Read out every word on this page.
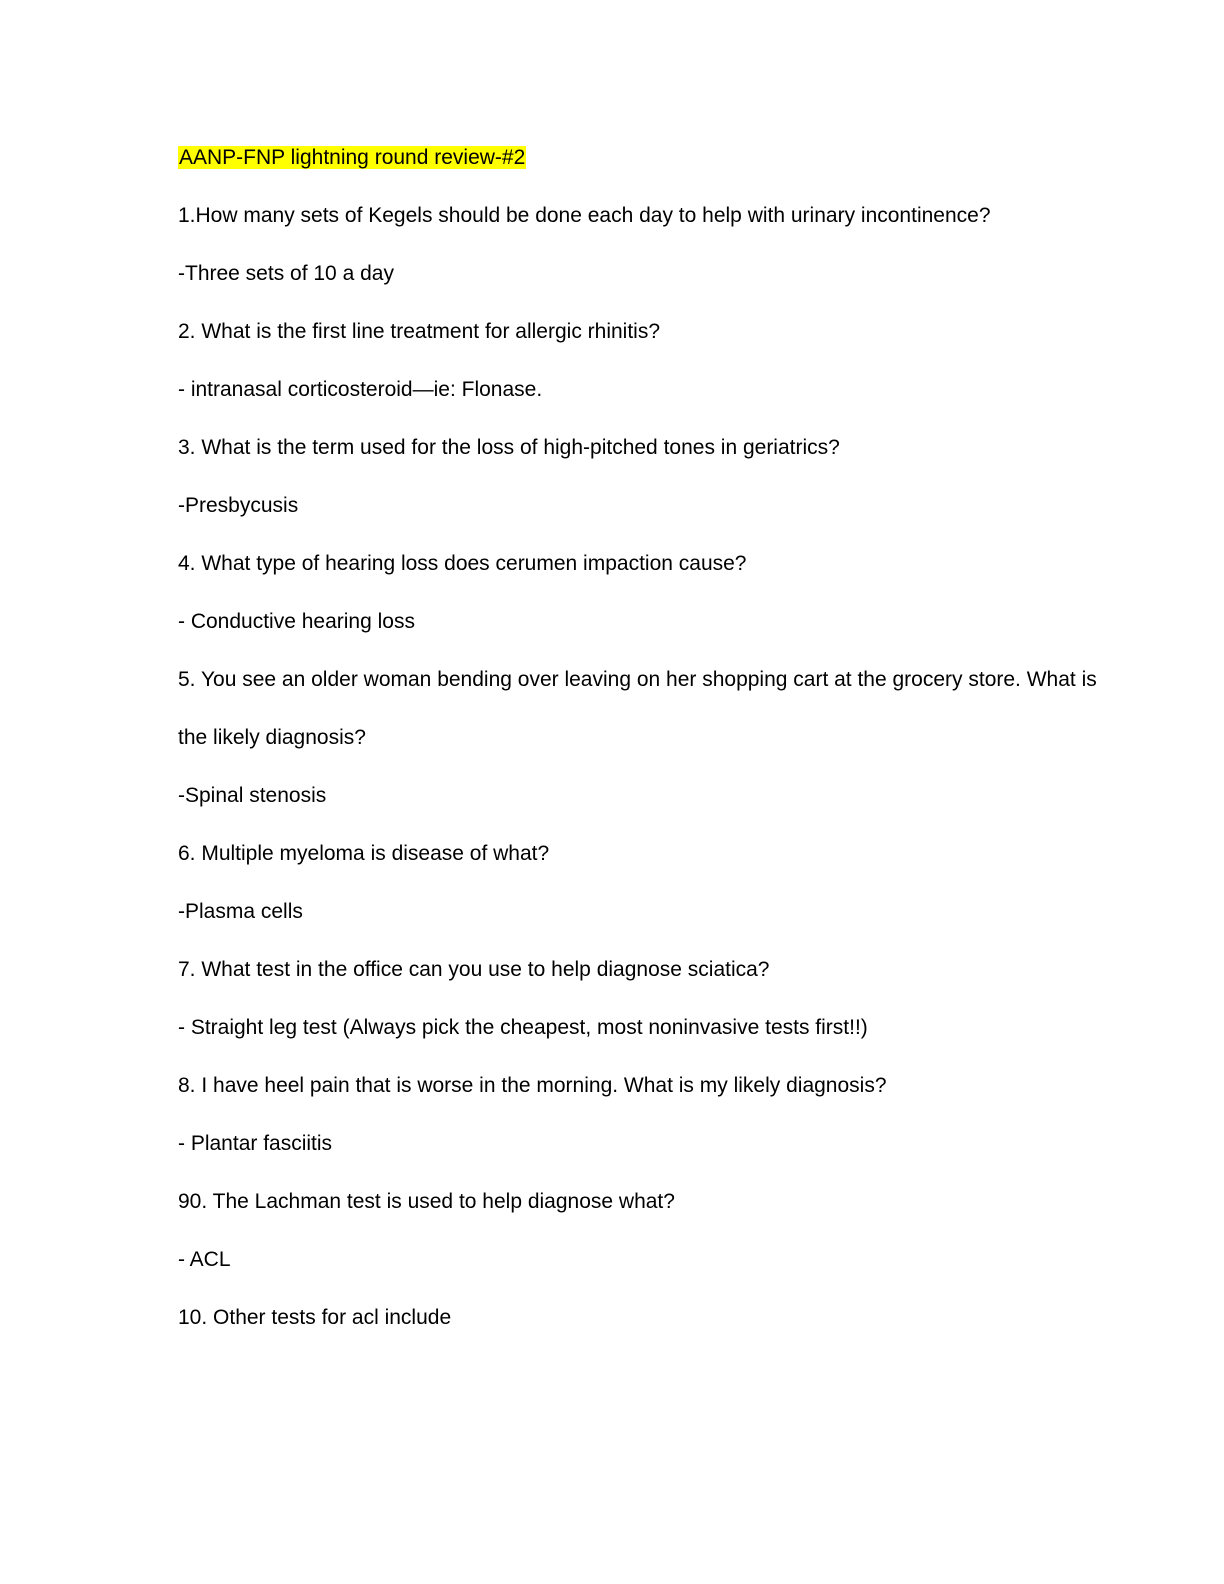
AANP-FNP lightning round review-#2
1.How many sets of Kegels should be done each day to help with urinary incontinence?
-Three sets of 10 a day
2. What is the first line treatment for allergic rhinitis?
- intranasal corticosteroid—ie: Flonase.
3. What is the term used for the loss of high-pitched tones in geriatrics?
-Presbycusis
4. What type of hearing loss does cerumen impaction cause?
- Conductive hearing loss
5. You see an older woman bending over leaving on her shopping cart at the grocery store. What is
the likely diagnosis?
-Spinal stenosis
6. Multiple myeloma is disease of what?
-Plasma cells
7. What test in the office can you use to help diagnose sciatica?
- Straight leg test (Always pick the cheapest, most noninvasive tests first!!)
8. I have heel pain that is worse in the morning. What is my likely diagnosis?
- Plantar fasciitis
90. The Lachman test is used to help diagnose what?
- ACL
10. Other tests for acl include
